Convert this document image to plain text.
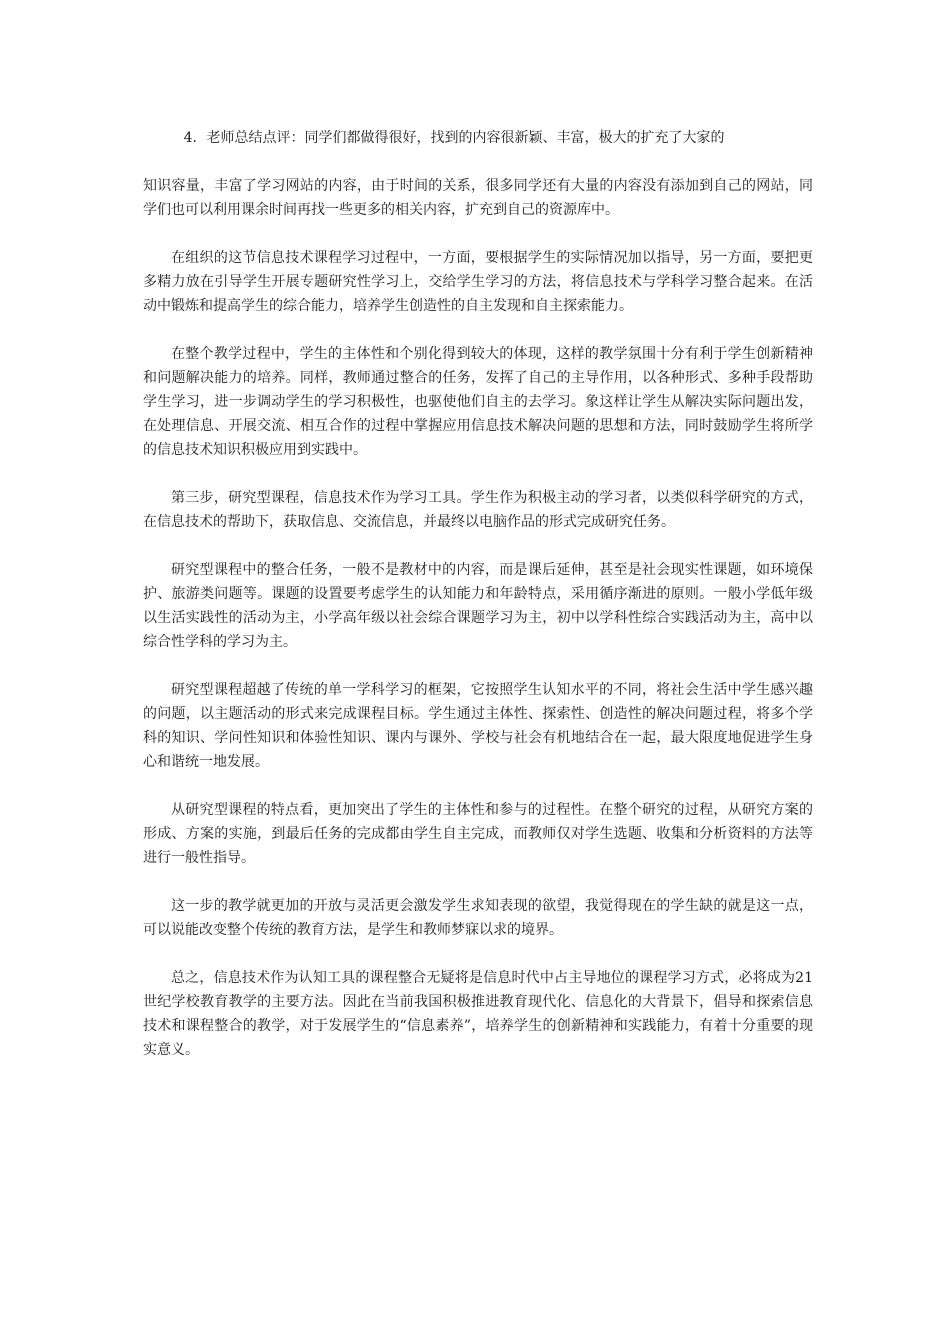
4．老师总结点评：同学们都做得很好，找到的内容很新颖、丰富，极大的扩充了大家的

知识容量，丰富了学习网站的内容，由于时间的关系，很多同学还有大量的内容没有添加到自己的网站，同学们也可以利用课余时间再找一些更多的相关内容，扩充到自己的资源库中。

在组织的这节信息技术课程学习过程中，一方面，要根据学生的实际情况加以指导，另一方面，要把更多精力放在引导学生开展专题研究性学习上，交给学生学习的方法，将信息技术与学科学习整合起来。在活动中锻炼和提高学生的综合能力，培养学生创造性的自主发现和自主探索能力。

在整个教学过程中，学生的主体性和个别化得到较大的体现，这样的教学氛围十分有利于学生创新精神和问题解决能力的培养。同样，教师通过整合的任务，发挥了自己的主导作用，以各种形式、多种手段帮助学生学习，进一步调动学生的学习积极性，也驱使他们自主的去学习。象这样让学生从解决实际问题出发，在处理信息、开展交流、相互合作的过程中掌握应用信息技术解决问题的思想和方法，同时鼓励学生将所学的信息技术知识积极应用到实践中。

第三步，研究型课程，信息技术作为学习工具。学生作为积极主动的学习者，以类似科学研究的方式，在信息技术的帮助下，获取信息、交流信息，并最终以电脑作品的形式完成研究任务。

研究型课程中的整合任务，一般不是教材中的内容，而是课后延伸，甚至是社会现实性课题，如环境保护、旅游类问题等。课题的设置要考虑学生的认知能力和年龄特点，采用循序渐进的原则。一般小学低年级以生活实践性的活动为主，小学高年级以社会综合课题学习为主，初中以学科性综合实践活动为主，高中以综合性学科的学习为主。

研究型课程超越了传统的单一学科学习的框架，它按照学生认知水平的不同，将社会生活中学生感兴趣的问题，以主题活动的形式来完成课程目标。学生通过主体性、探索性、创造性的解决问题过程，将多个学科的知识、学问性知识和体验性知识、课内与课外、学校与社会有机地结合在一起，最大限度地促进学生身心和谐统一地发展。

从研究型课程的特点看，更加突出了学生的主体性和参与的过程性。在整个研究的过程，从研究方案的形成、方案的实施，到最后任务的完成都由学生自主完成，而教师仅对学生选题、收集和分析资料的方法等进行一般性指导。

这一步的教学就更加的开放与灵活更会激发学生求知表现的欲望，我觉得现在的学生缺的就是这一点，可以说能改变整个传统的教育方法，是学生和教师梦寐以求的境界。

总之，信息技术作为认知工具的课程整合无疑将是信息时代中占主导地位的课程学习方式，必将成为21世纪学校教育教学的主要方法。因此在当前我国积极推进教育现代化、信息化的大背景下，倡导和探索信息技术和课程整合的教学，对于发展学生的“信息素养”，培养学生的创新精神和实践能力，有着十分重要的现实意义。
